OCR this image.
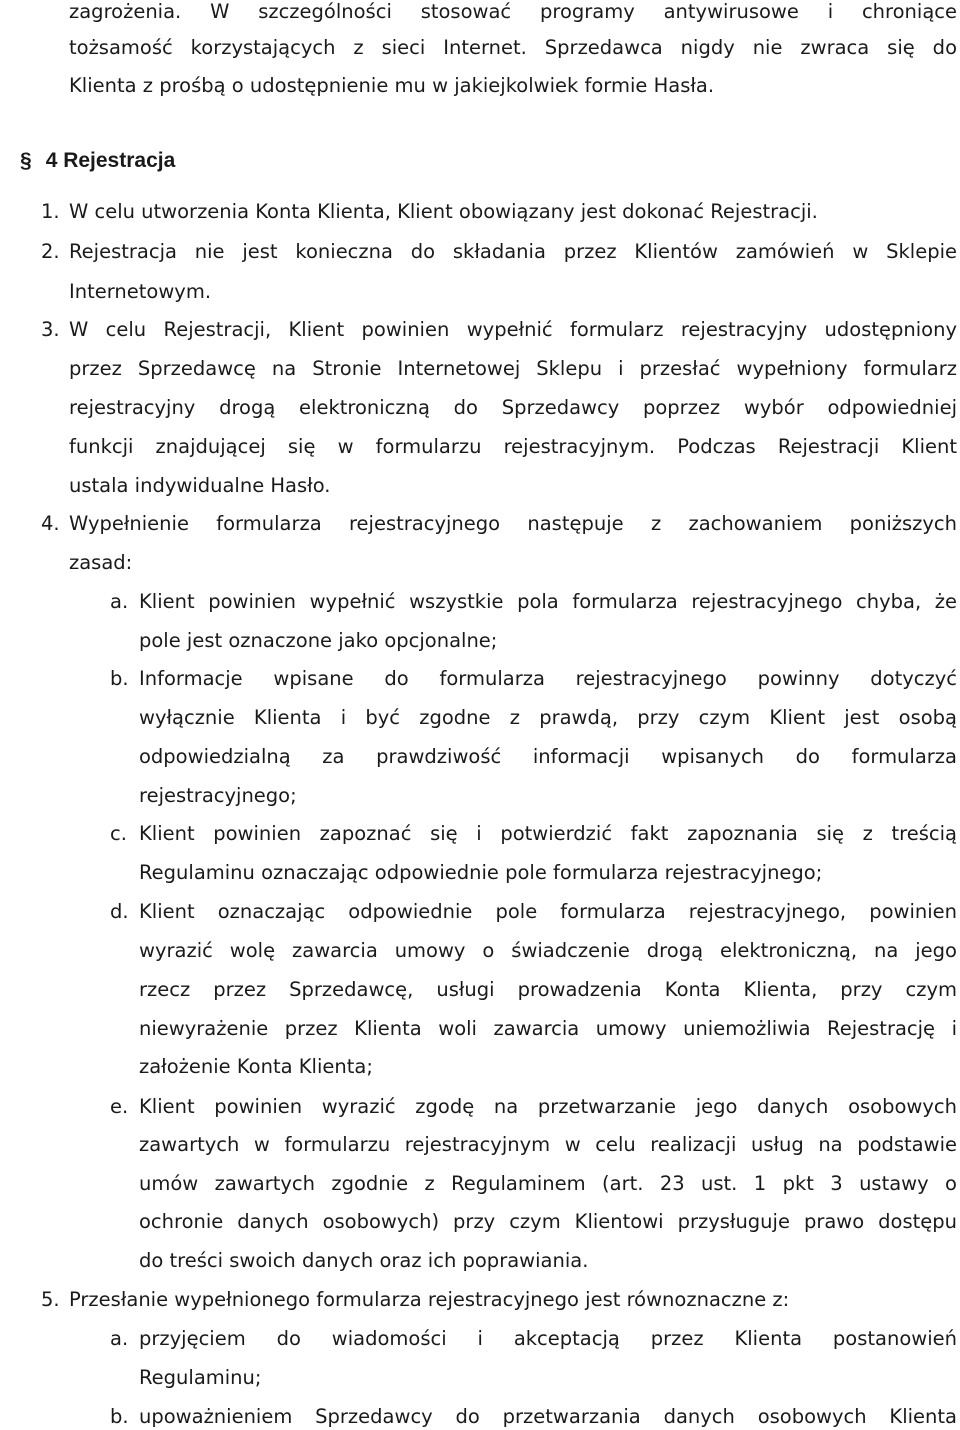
zagrożenia. W szczególności stosować programy antywirusowe i chroniące
tożsamość korzystających z sieci Internet. Sprzedawca nigdy nie zwraca się do
Klienta z prośbą o udostępnienie mu w jakiejkolwiek formie Hasła.
§ 4 Rejestracja
1. W celu utworzenia Konta Klienta, Klient obowiązany jest dokonać Rejestracji.
2. Rejestracja nie jest konieczna do składania przez Klientów zamówień w Sklepie
Internetowym.
3. W celu Rejestracji, Klient powinien wypełnić formularz rejestracyjny udostępniony
przez Sprzedawcę na Stronie Internetowej Sklepu i przesłać wypełniony formularz
rejestracyjny drogą elektroniczną do Sprzedawcy poprzez wybór odpowiedniej
funkcji znajdującej się w formularzu rejestracyjnym. Podczas Rejestracji Klient
ustala indywidualne Hasło.
4. Wypełnienie formularza rejestracyjnego następuje z zachowaniem poniższych
zasad:
a. Klient powinien wypełnić wszystkie pola formularza rejestracyjnego chyba, że
pole jest oznaczone jako opcjonalne;
b. Informacje wpisane do formularza rejestracyjnego powinny dotyczyć
wyłącznie Klienta i być zgodne z prawdą, przy czym Klient jest osobą
odpowiedzialną za prawdziwość informacji wpisanych do formularza
rejestracyjnego;
c. Klient powinien zapoznać się i potwierdzić fakt zapoznania się z treścią
Regulaminu oznaczając odpowiednie pole formularza rejestracyjnego;
d. Klient oznaczając odpowiednie pole formularza rejestracyjnego, powinien
wyrazić wolę zawarcia umowy o świadczenie drogą elektroniczną, na jego
rzecz przez Sprzedawcę, usługi prowadzenia Konta Klienta, przy czym
niewyrażenie przez Klienta woli zawarcia umowy uniemożliwia Rejestrację i
założenie Konta Klienta;
e. Klient powinien wyrazić zgodę na przetwarzanie jego danych osobowych
zawartych w formularzu rejestracyjnym w celu realizacji usług na podstawie
umów zawartych zgodnie z Regulaminem (art. 23 ust. 1 pkt 3 ustawy o
ochronie danych osobowych) przy czym Klientowi przysługuje prawo dostępu
do treści swoich danych oraz ich poprawiania.
5. Przesłanie wypełnionego formularza rejestracyjnego jest równoznaczne z:
a. przyjęciem do wiadomości i akceptacją przez Klienta postanowień
Regulaminu;
b. upoważnieniem Sprzedawcy do przetwarzania danych osobowych Klienta
